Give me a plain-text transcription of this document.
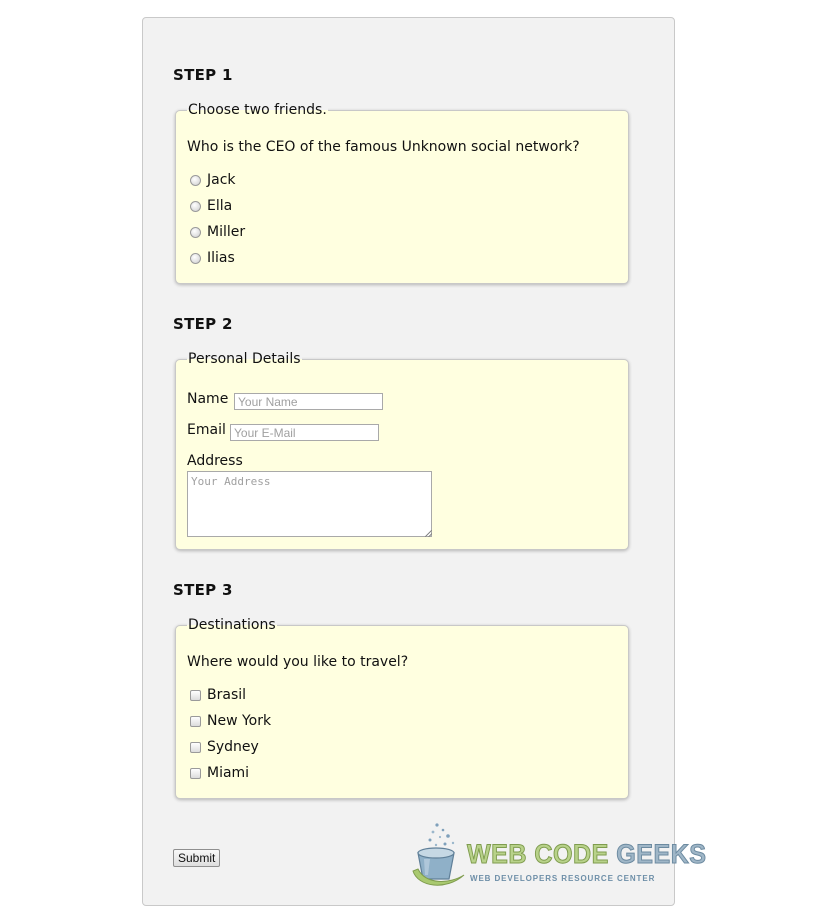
STEP 1
Choose two friends.
Who is the CEO of the famous Unknown social network?
Jack
Ella
Miller
Ilias
STEP 2
Personal Details
Name
Your Name
Email
Your E-Mail
Address
Your Address
STEP 3
Destinations
Where would you like to travel?
Brasil
New York
Sydney
Miami
Submit	WEB CODE GEEKS
WEB DEVELOPERS RESOURCE CENTER
